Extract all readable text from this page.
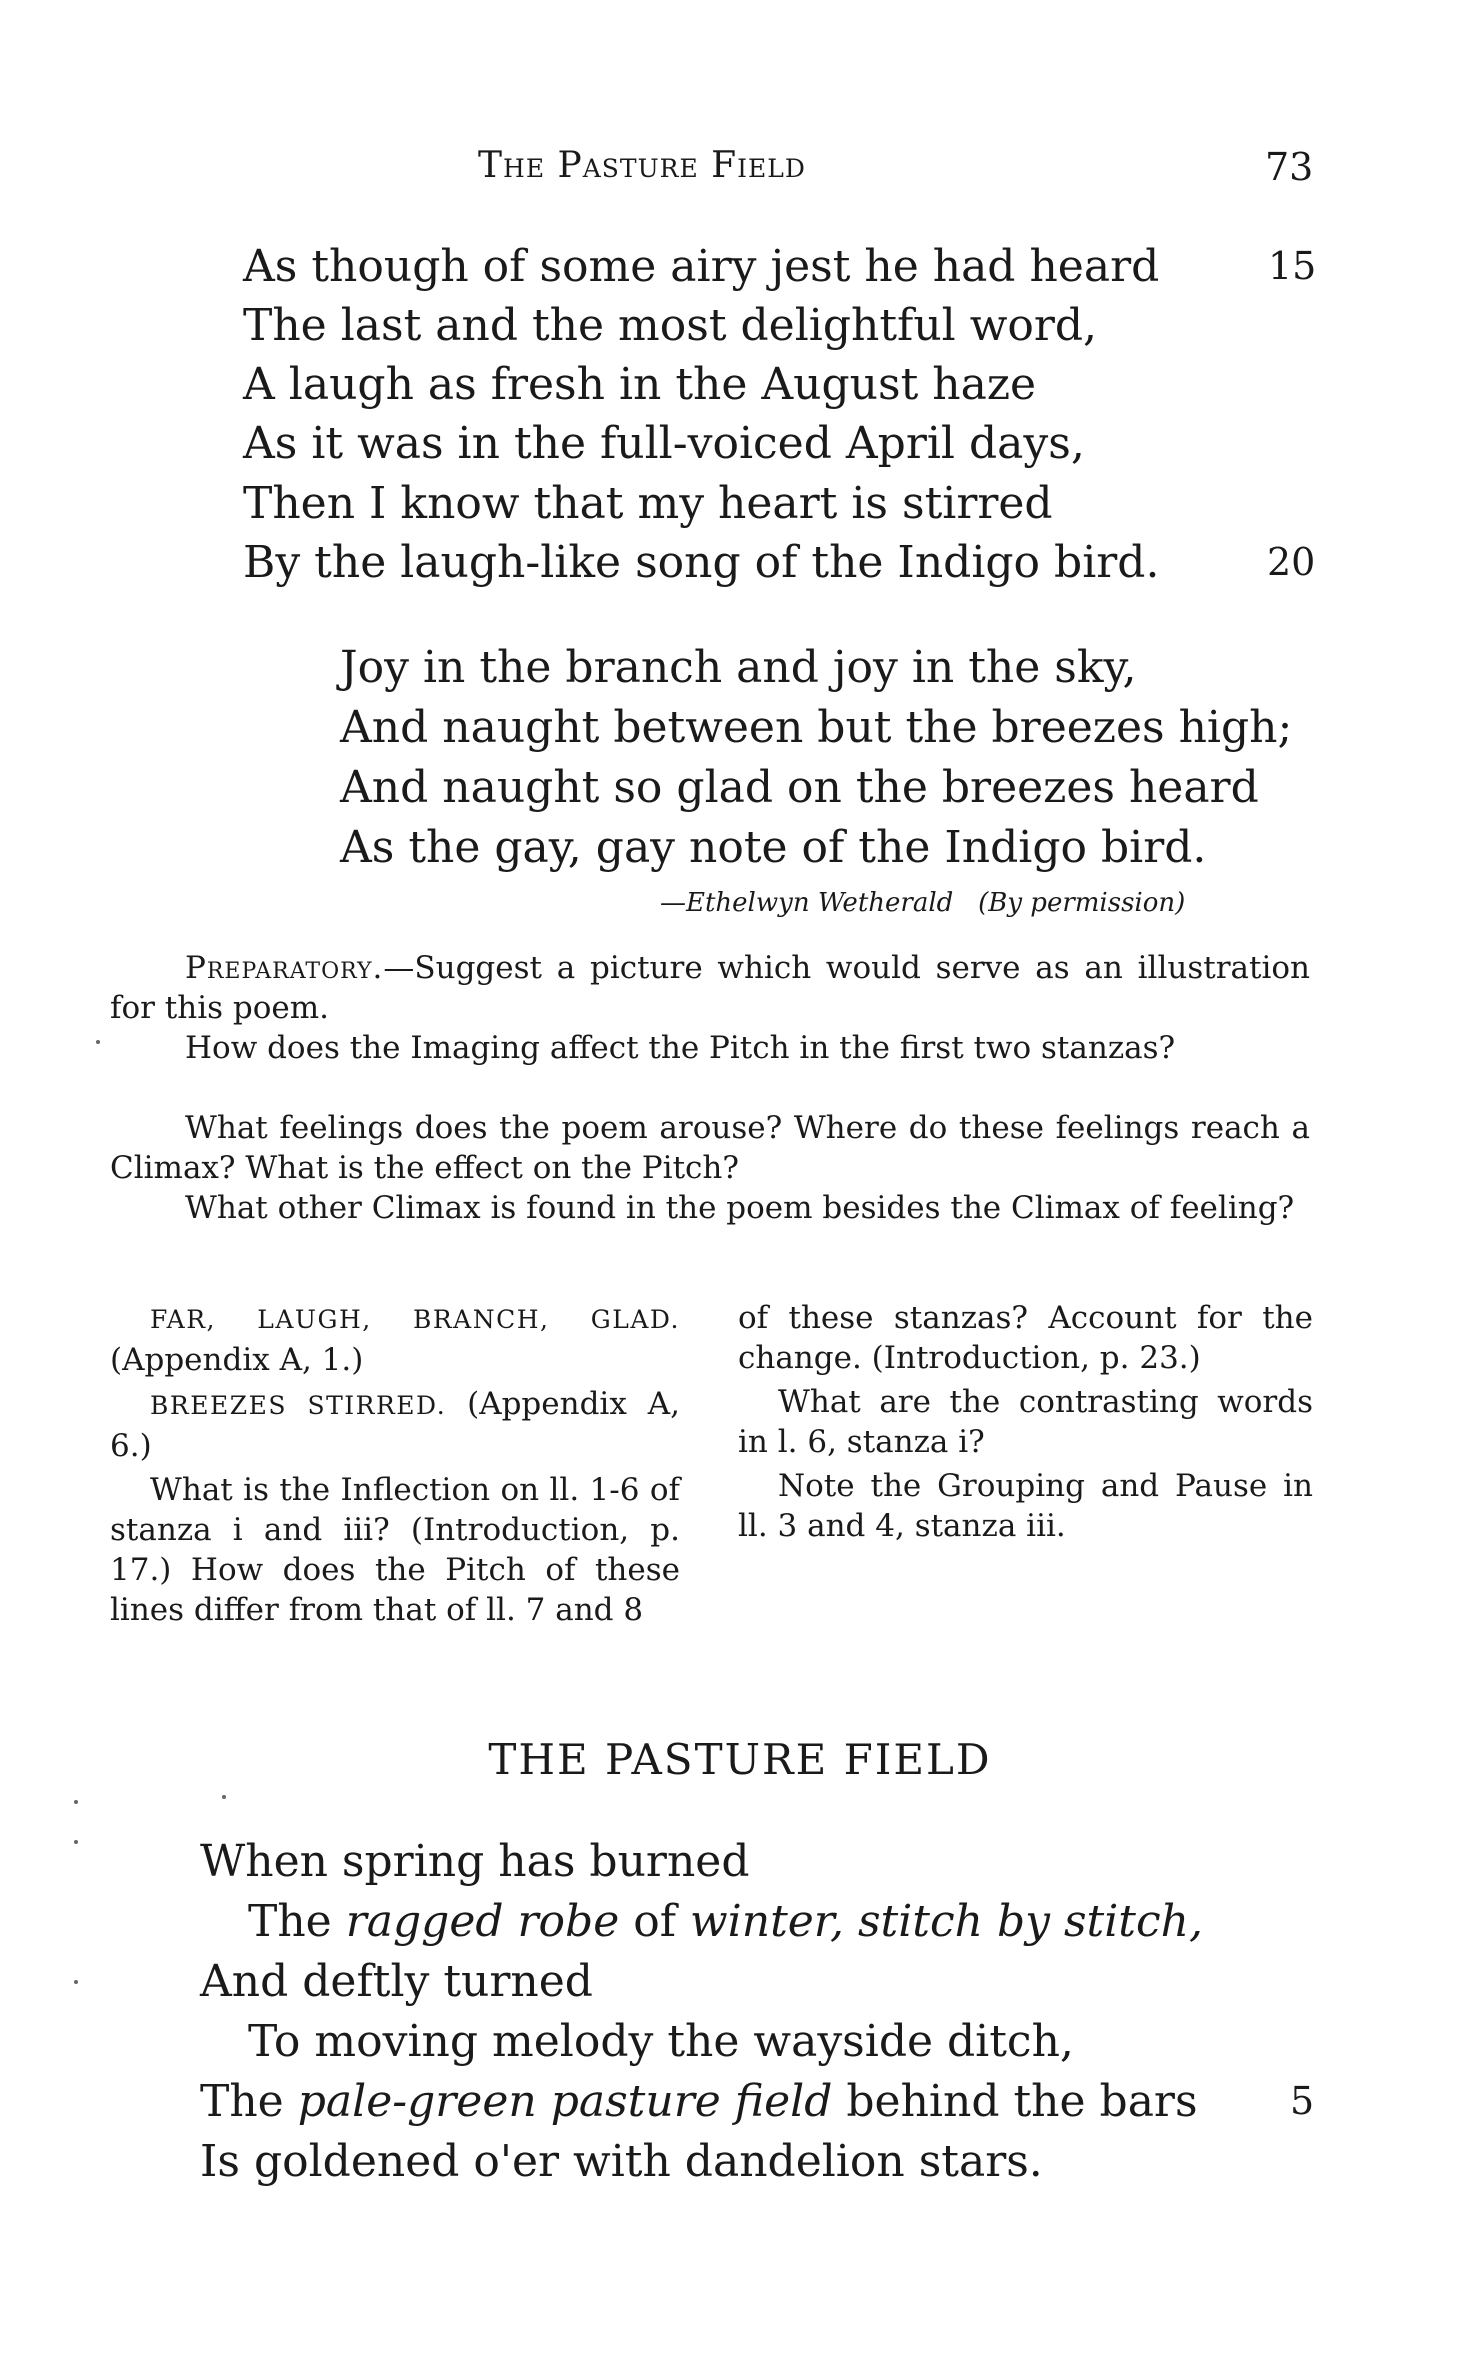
The Pasture Field	73
As though of some airy jest he had heard	15
The last and the most delightful word,
A laugh as fresh in the August haze
As it was in the full-voiced April days,
Then I know that my heart is stirred
By the laugh-like song of the Indigo bird.	20
Joy in the branch and joy in the sky,
And naught between but the breezes high;
And naught so glad on the breezes heard
As the gay, gay note of the Indigo bird.
—Ethelwyn Wetherald (By permission)
Preparatory.—Suggest a picture which would serve as an illustration for this poem.
How does the Imaging affect the Pitch in the first two stanzas?
What feelings does the poem arouse? Where do these feelings reach a Climax? What is the effect on the Pitch?
What other Climax is found in the poem besides the Climax of feeling?

FAR, LAUGH, BRANCH, GLAD. (Appendix A, 1.)

BREEZES STIRRED. (Appendix A, 6.)

What is the Inflection on ll. 1-6 of stanza i and iii? (Introduction, p. 17.) How does the Pitch of these lines differ from that of ll. 7 and 8

of these stanzas? Account for the change. (Introduction, p. 23.)

What are the contrasting words in l. 6, stanza i?

Note the Grouping and Pause in ll. 3 and 4, stanza iii.

THE PASTURE FIELD
When spring has burned
The ragged robe of winter, stitch by stitch,
And deftly turned
To moving melody the wayside ditch,
The pale-green pasture field behind the bars 5
Is goldened o'er with dandelion stars.
